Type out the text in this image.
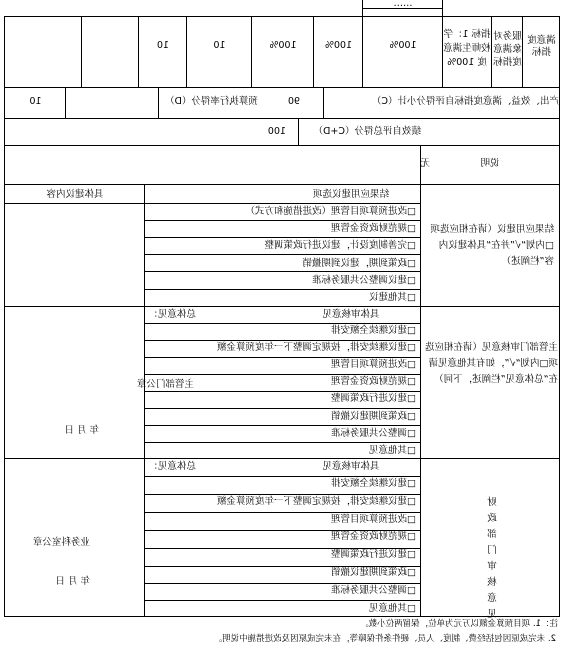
……
满意度指标
服务对象满意度指标
指标 1：学校师生满意度 100%
100%
100%
100%
10
10
产出、效益、满意度指标自评得分小计（C）
90
预算执行率得分（D）
10
绩效自评总得分（C+D）
100
说明
无
结果应用建议（请在相应选项□内划“√”并在“具体建议内容”栏阐述）
结果应用建议选项
具体建议内容
□改进预算项目管理（改进措施和方式）
□规范财政资金管理
□完善制度设计，建议进行政策调整
□政策到期，建议到期撤销
□建议调整公共服务标准
□其他建议
主管部门审核意见（请在相应选项□内划“√”，如有其他意见请在“总体意见”栏阐述，下同）
具体审核意见
总体意见：
主管部门公章
年 月 日
□建议继续全额安排
□建议继续安排，按规定调整下一年度预算金额
□改进预算项目管理
□规范财政资金管理
□建议进行政策调整
□政策到期建议撤销
□调整公共服务标准
□其他意见
财政部门审核意见
具体审核意见
总体意见：
业务科室公章
年 月 日
□建议继续全额安排
□建议继续安排，按规定调整下一年度预算金额
□改进预算项目管理
□规范财政资金管理
□建议进行政策调整
□政策到期建议撤销
□调整公共服务标准
□其他意见
注：1. 项目预算金额以万元为单位，保留两位小数。
2. 未完成原因包括经费、制度、人员、硬件条件保障等，在未完成原因及改进措施中说明。
